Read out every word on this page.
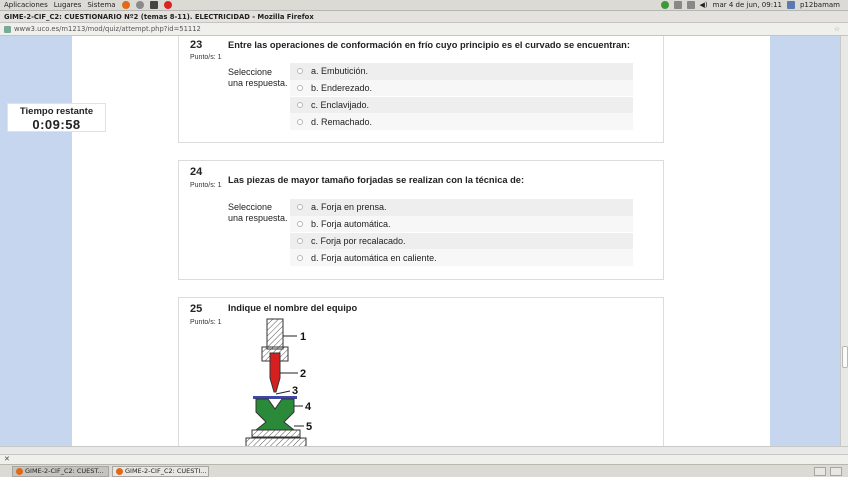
Aplicaciones Lugares Sistema	◀) mar 4 de jun, 09:11	p12bamam
GIME-2-CIF_C2: CUESTIONARIO Nº2 (temas 8-11). ELECTRICIDAD - Mozilla Firefox
www3.uco.es/m1213/mod/quiz/attempt.php?id=51112	☆
Tiempo restante
0:09:58
23
Punto/s: 1
Entre las operaciones de conformación en frío cuyo principio es el curvado se encuentran:
Seleccione una respuesta.
a. Embutición.
b. Enderezado.
c. Enclavijado.
d. Remachado.
24
Punto/s: 1
Las piezas de mayor tamaño forjadas se realizan con la técnica de:
Seleccione una respuesta.
a. Forja en prensa.
b. Forja automática.
c. Forja por recalacado.
d. Forja automática en caliente.
25
Punto/s: 1
Indique el nombre del equipo
1
2
3
4
5
✕
GIME-2-CIF_C2: CUEST...	GIME-2-CIF_C2: CUESTI...
